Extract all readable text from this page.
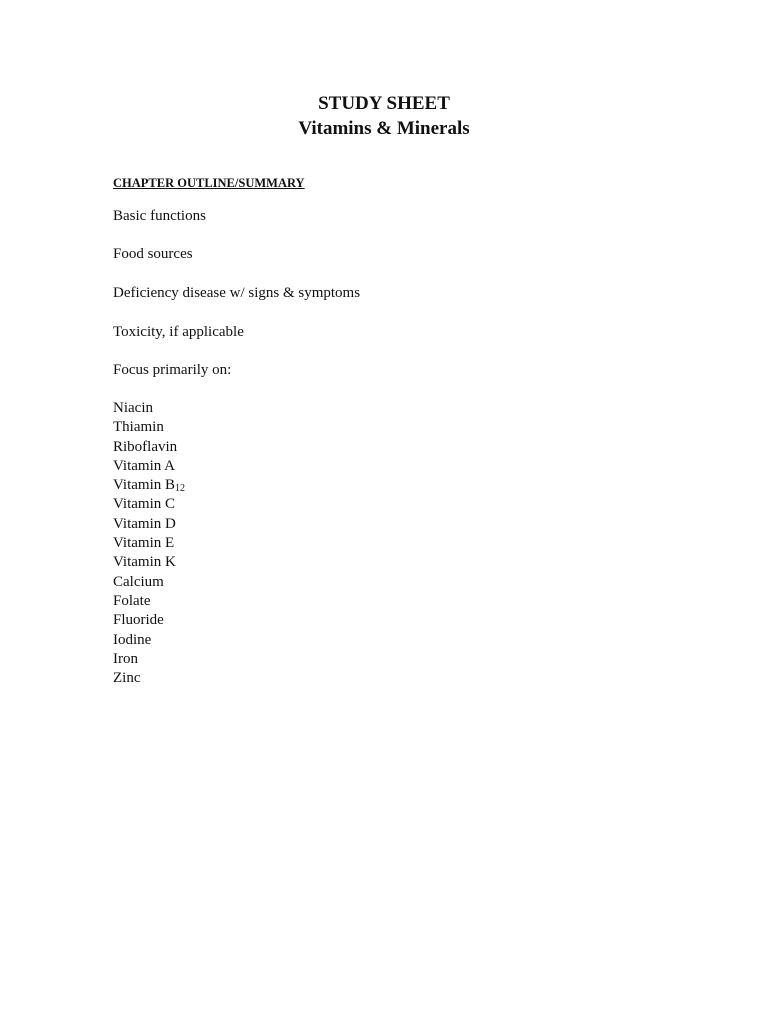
STUDY SHEET
Vitamins & Minerals

CHAPTER OUTLINE/SUMMARY

Basic functions

Food sources

Deficiency disease w/ signs & symptoms

Toxicity, if applicable

Focus primarily on:

Niacin
Thiamin
Riboflavin
Vitamin A
Vitamin $B_{12}$
Vitamin C
Vitamin D
Vitamin E
Vitamin K
Calcium
Folate
Fluoride
Iodine
Iron
Zinc
